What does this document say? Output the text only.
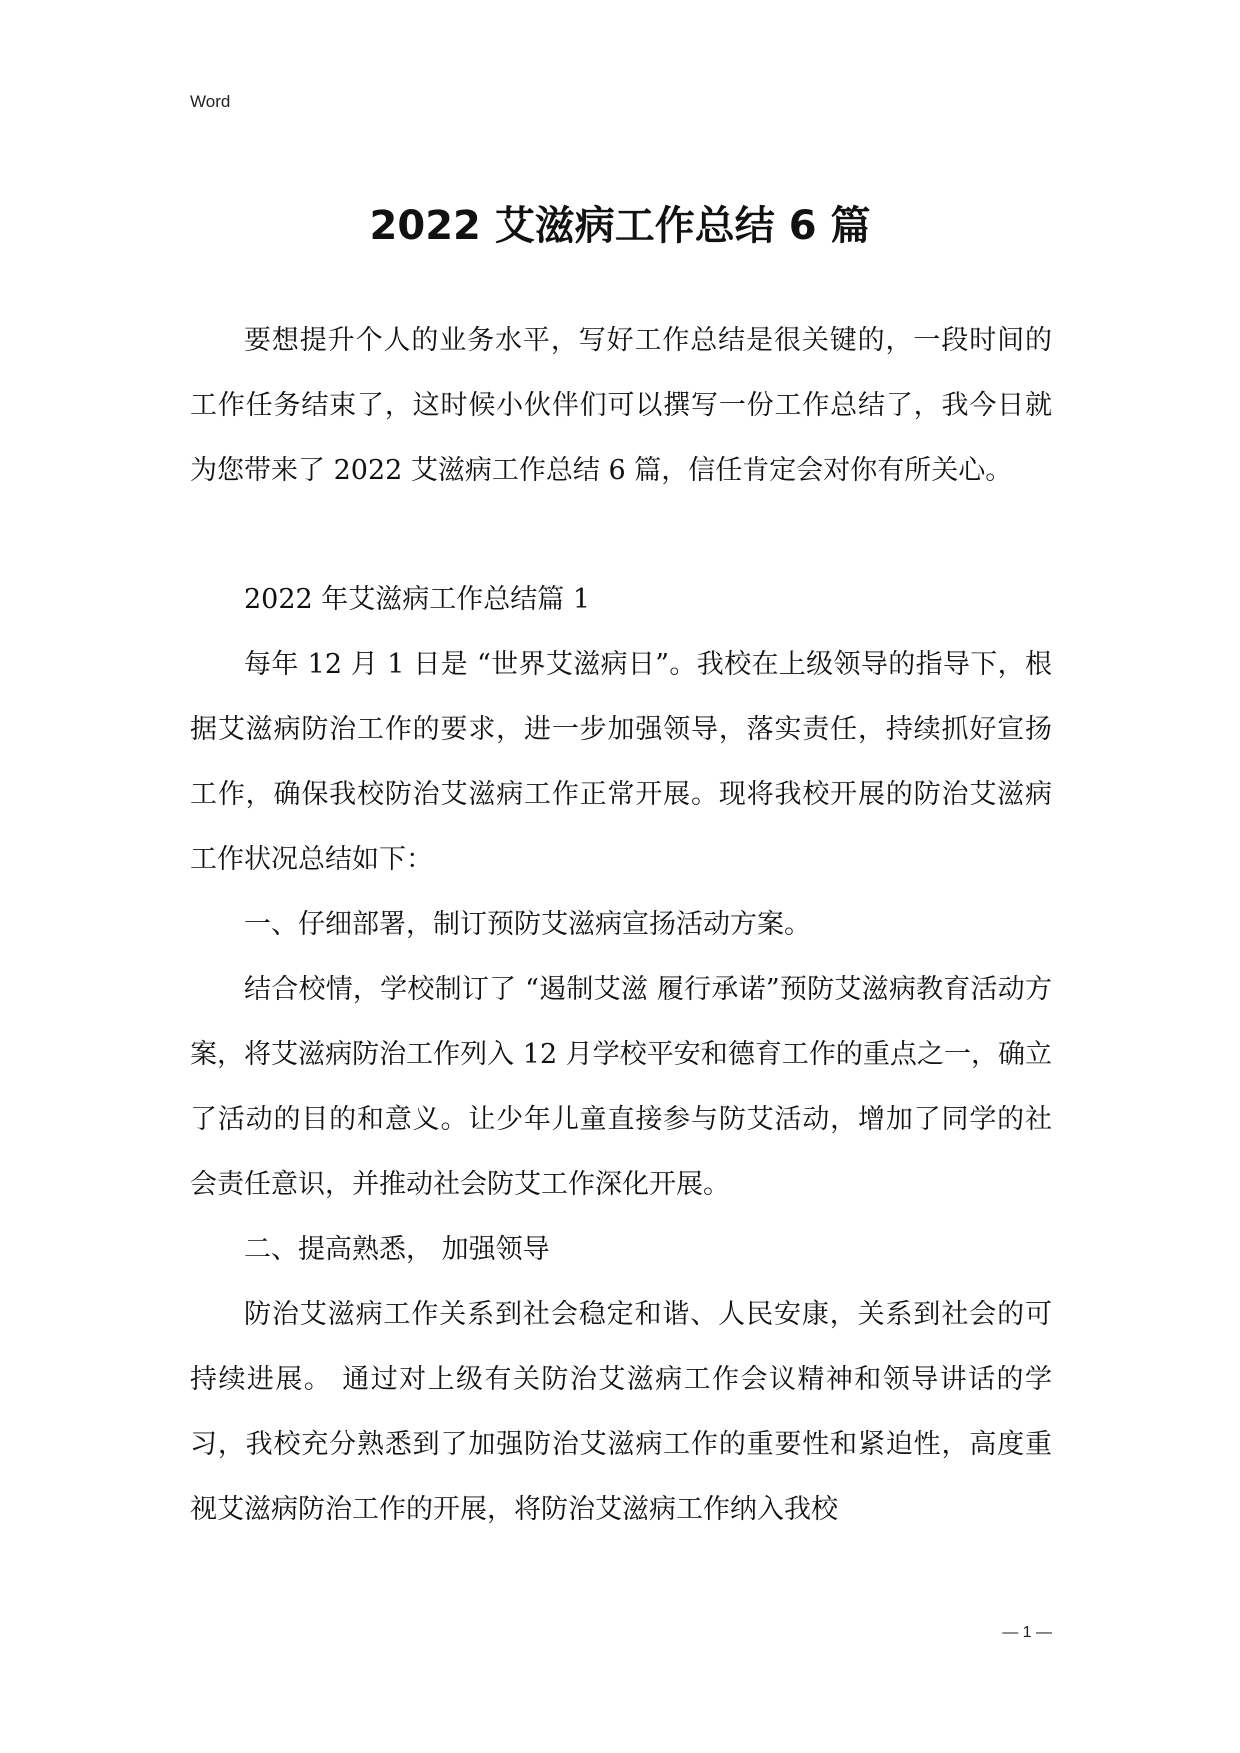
Word
2022 艾滋病工作总结 6 篇

要想提升个人的业务水平，写好工作总结是很关键的，一段时间的工作任务结束了，这时候小伙伴们可以撰写一份工作总结了，我今日就为您带来了 2022 艾滋病工作总结 6 篇，信任肯定会对你有所关心。

2022 年艾滋病工作总结篇 1

每年 12 月 1 日是 “世界艾滋病日”。我校在上级领导的指导下，根据艾滋病防治工作的要求，进一步加强领导，落实责任，持续抓好宣扬工作，确保我校防治艾滋病工作正常开展。现将我校开展的防治艾滋病工作状况总结如下：

一、仔细部署，制订预防艾滋病宣扬活动方案。

结合校情，学校制订了 “遏制艾滋 履行承诺”预防艾滋病教育活动方案，将艾滋病防治工作列入 12 月学校平安和德育工作的重点之一，确立了活动的目的和意义。让少年儿童直接参与防艾活动，增加了同学的社会责任意识，并推动社会防艾工作深化开展。

二、提高熟悉， 加强领导

防治艾滋病工作关系到社会稳定和谐、人民安康，关系到社会的可持续进展。 通过对上级有关防治艾滋病工作会议精神和领导讲话的学习，我校充分熟悉到了加强防治艾滋病工作的重要性和紧迫性，高度重视艾滋病防治工作的开展，将防治艾滋病工作纳入我校

— 1 —
